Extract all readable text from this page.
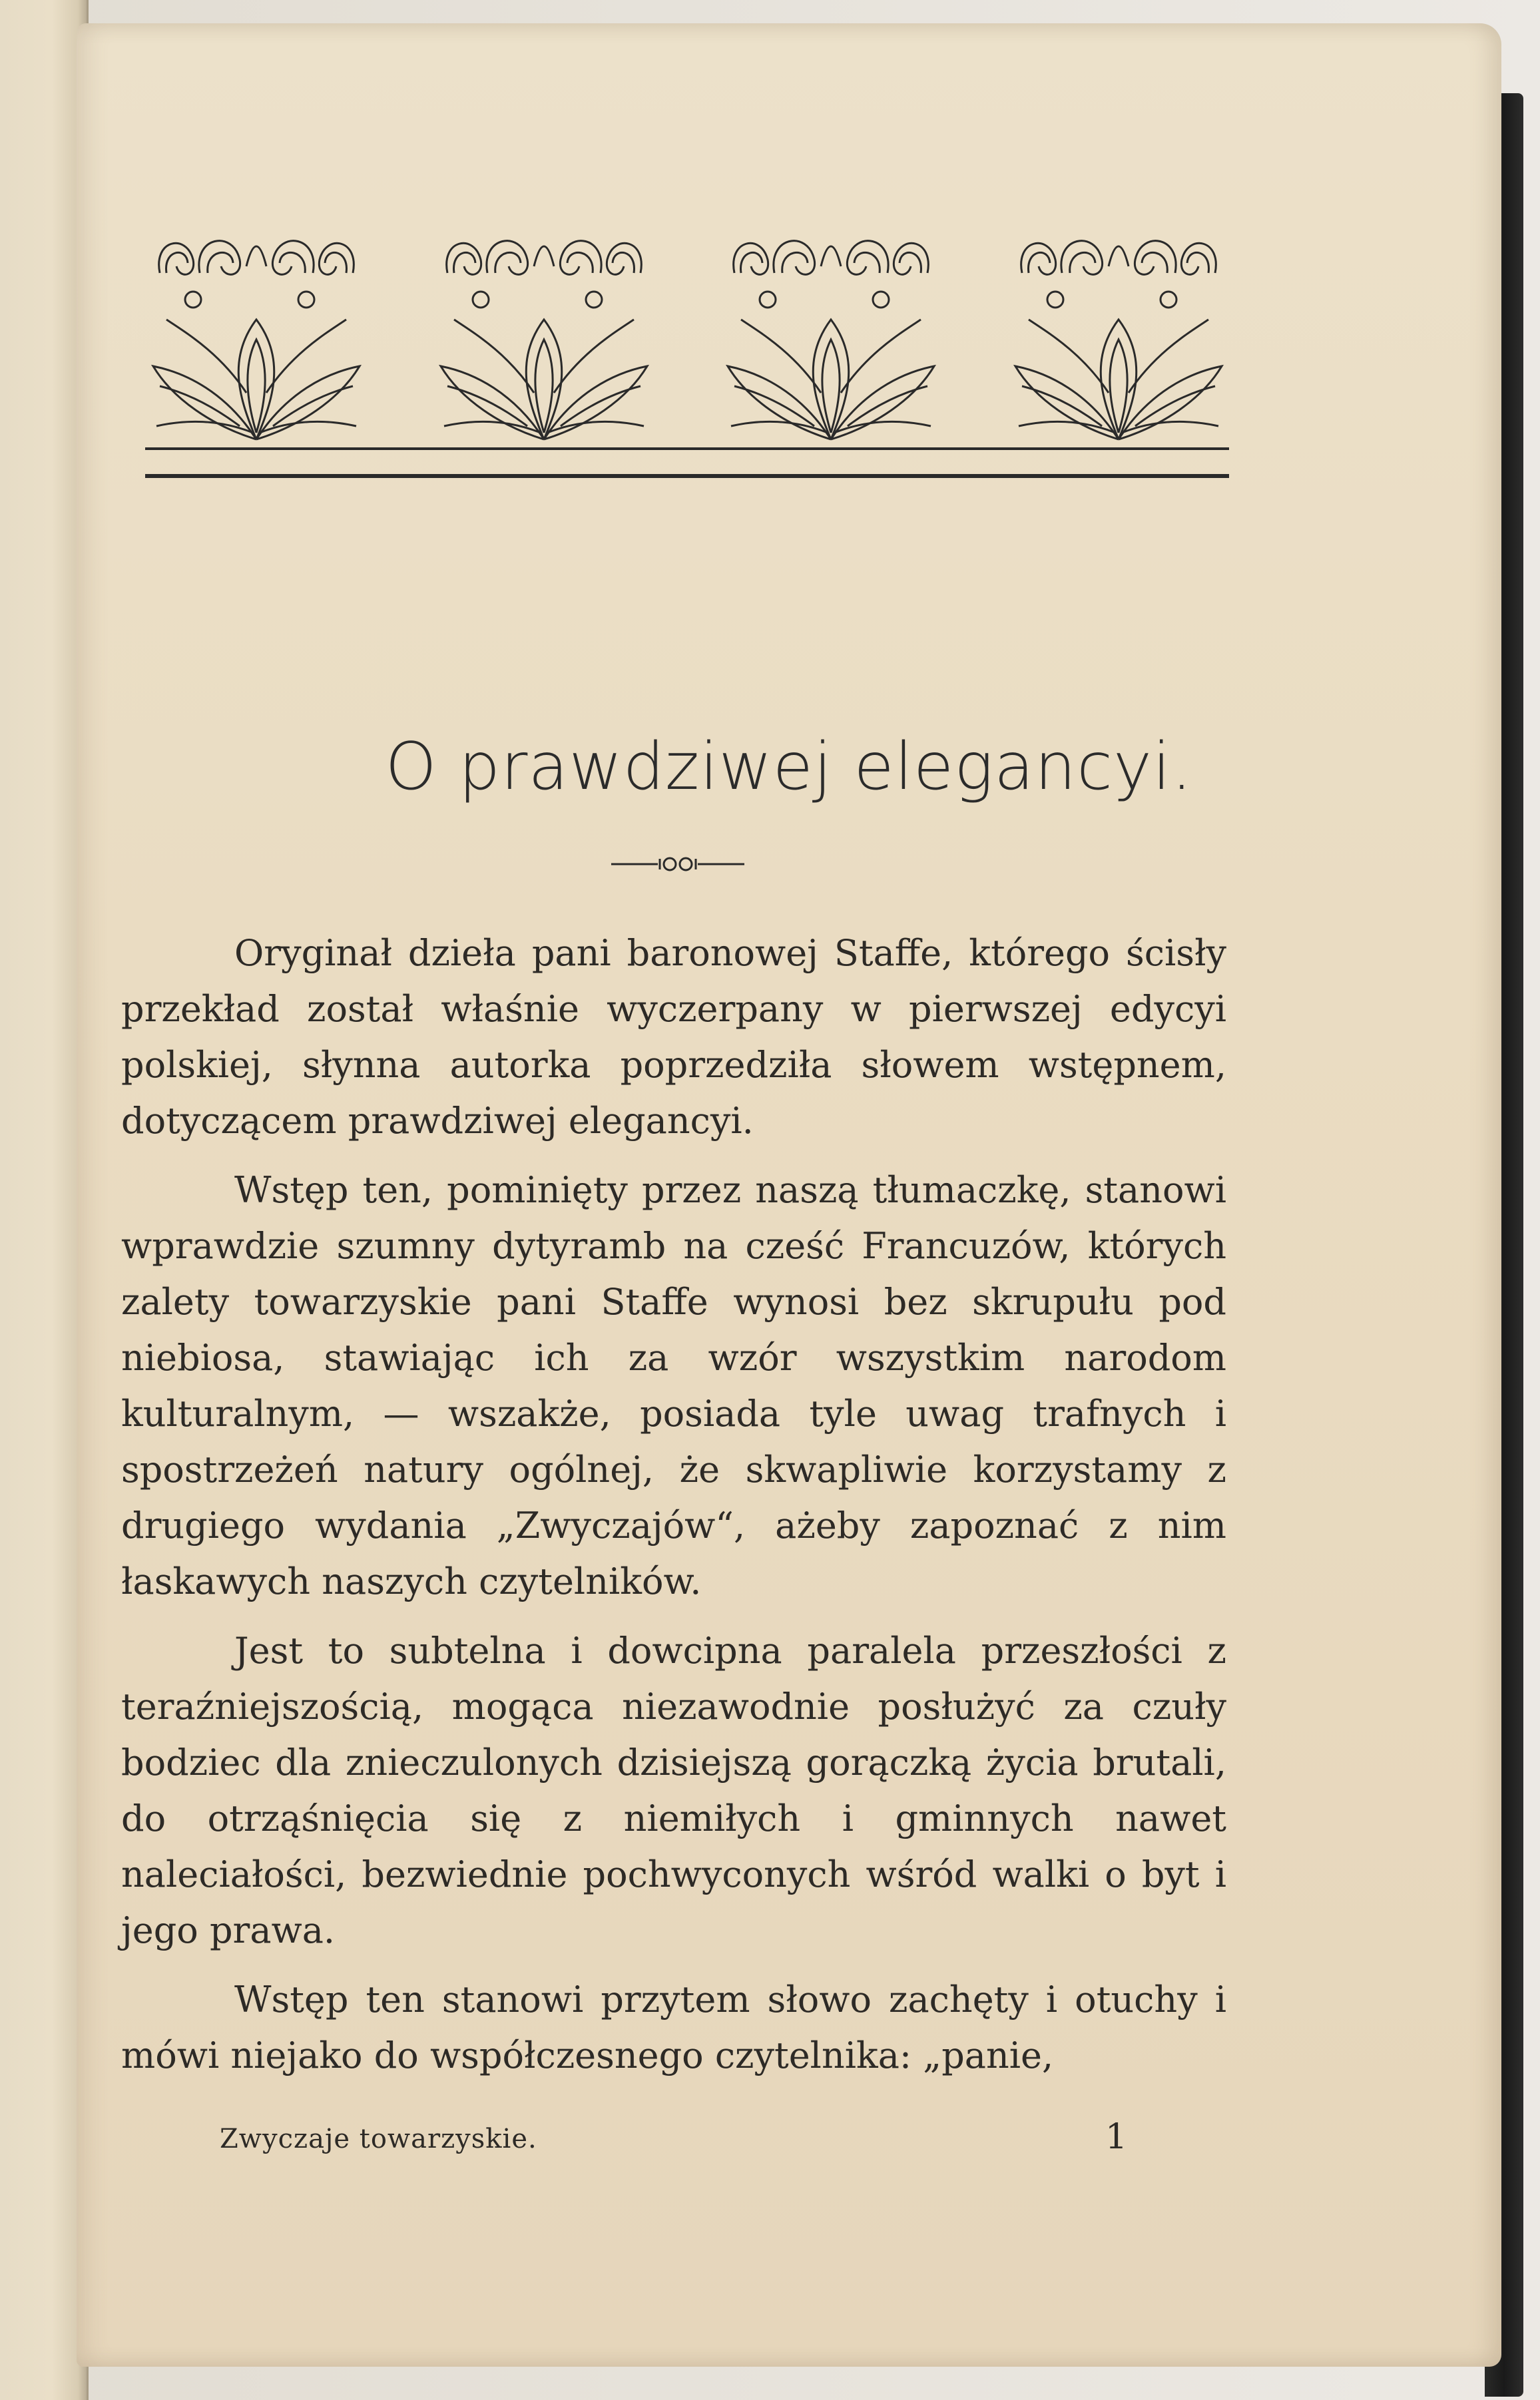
O prawdziwej elegancyi.

Oryginał dzieła pani baronowej Staffe, którego ścisły przekład został właśnie wyczerpany w pierwszej edycyi polskiej, słynna autorka poprzedziła słowem wstępnem, dotyczącem prawdziwej elegancyi.

Wstęp ten, pominięty przez naszą tłumaczkę, stanowi wprawdzie szumny dytyramb na cześć Francuzów, których zalety towarzyskie pani Staffe wynosi bez skrupułu pod niebiosa, stawiając ich za wzór wszystkim narodom kulturalnym, — wszakże, posiada tyle uwag trafnych i spostrzeżeń natury ogólnej, że skwapliwie korzystamy z drugiego wydania „Zwyczajów“, ażeby zapoznać z nim łaskawych naszych czytelników.

Jest to subtelna i dowcipna paralela przeszłości z teraźniejszością, mogąca niezawodnie posłużyć za czuły bodziec dla znieczulonych dzisiejszą gorączką życia brutali, do otrząśnięcia się z niemiłych i gminnych nawet naleciałości, bezwiednie pochwyconych wśród walki o byt i jego prawa.

Wstęp ten stanowi przytem słowo zachęty i otuchy i mówi niejako do współczesnego czytelnika: „panie,

Zwyczaje towarzyskie.	1
